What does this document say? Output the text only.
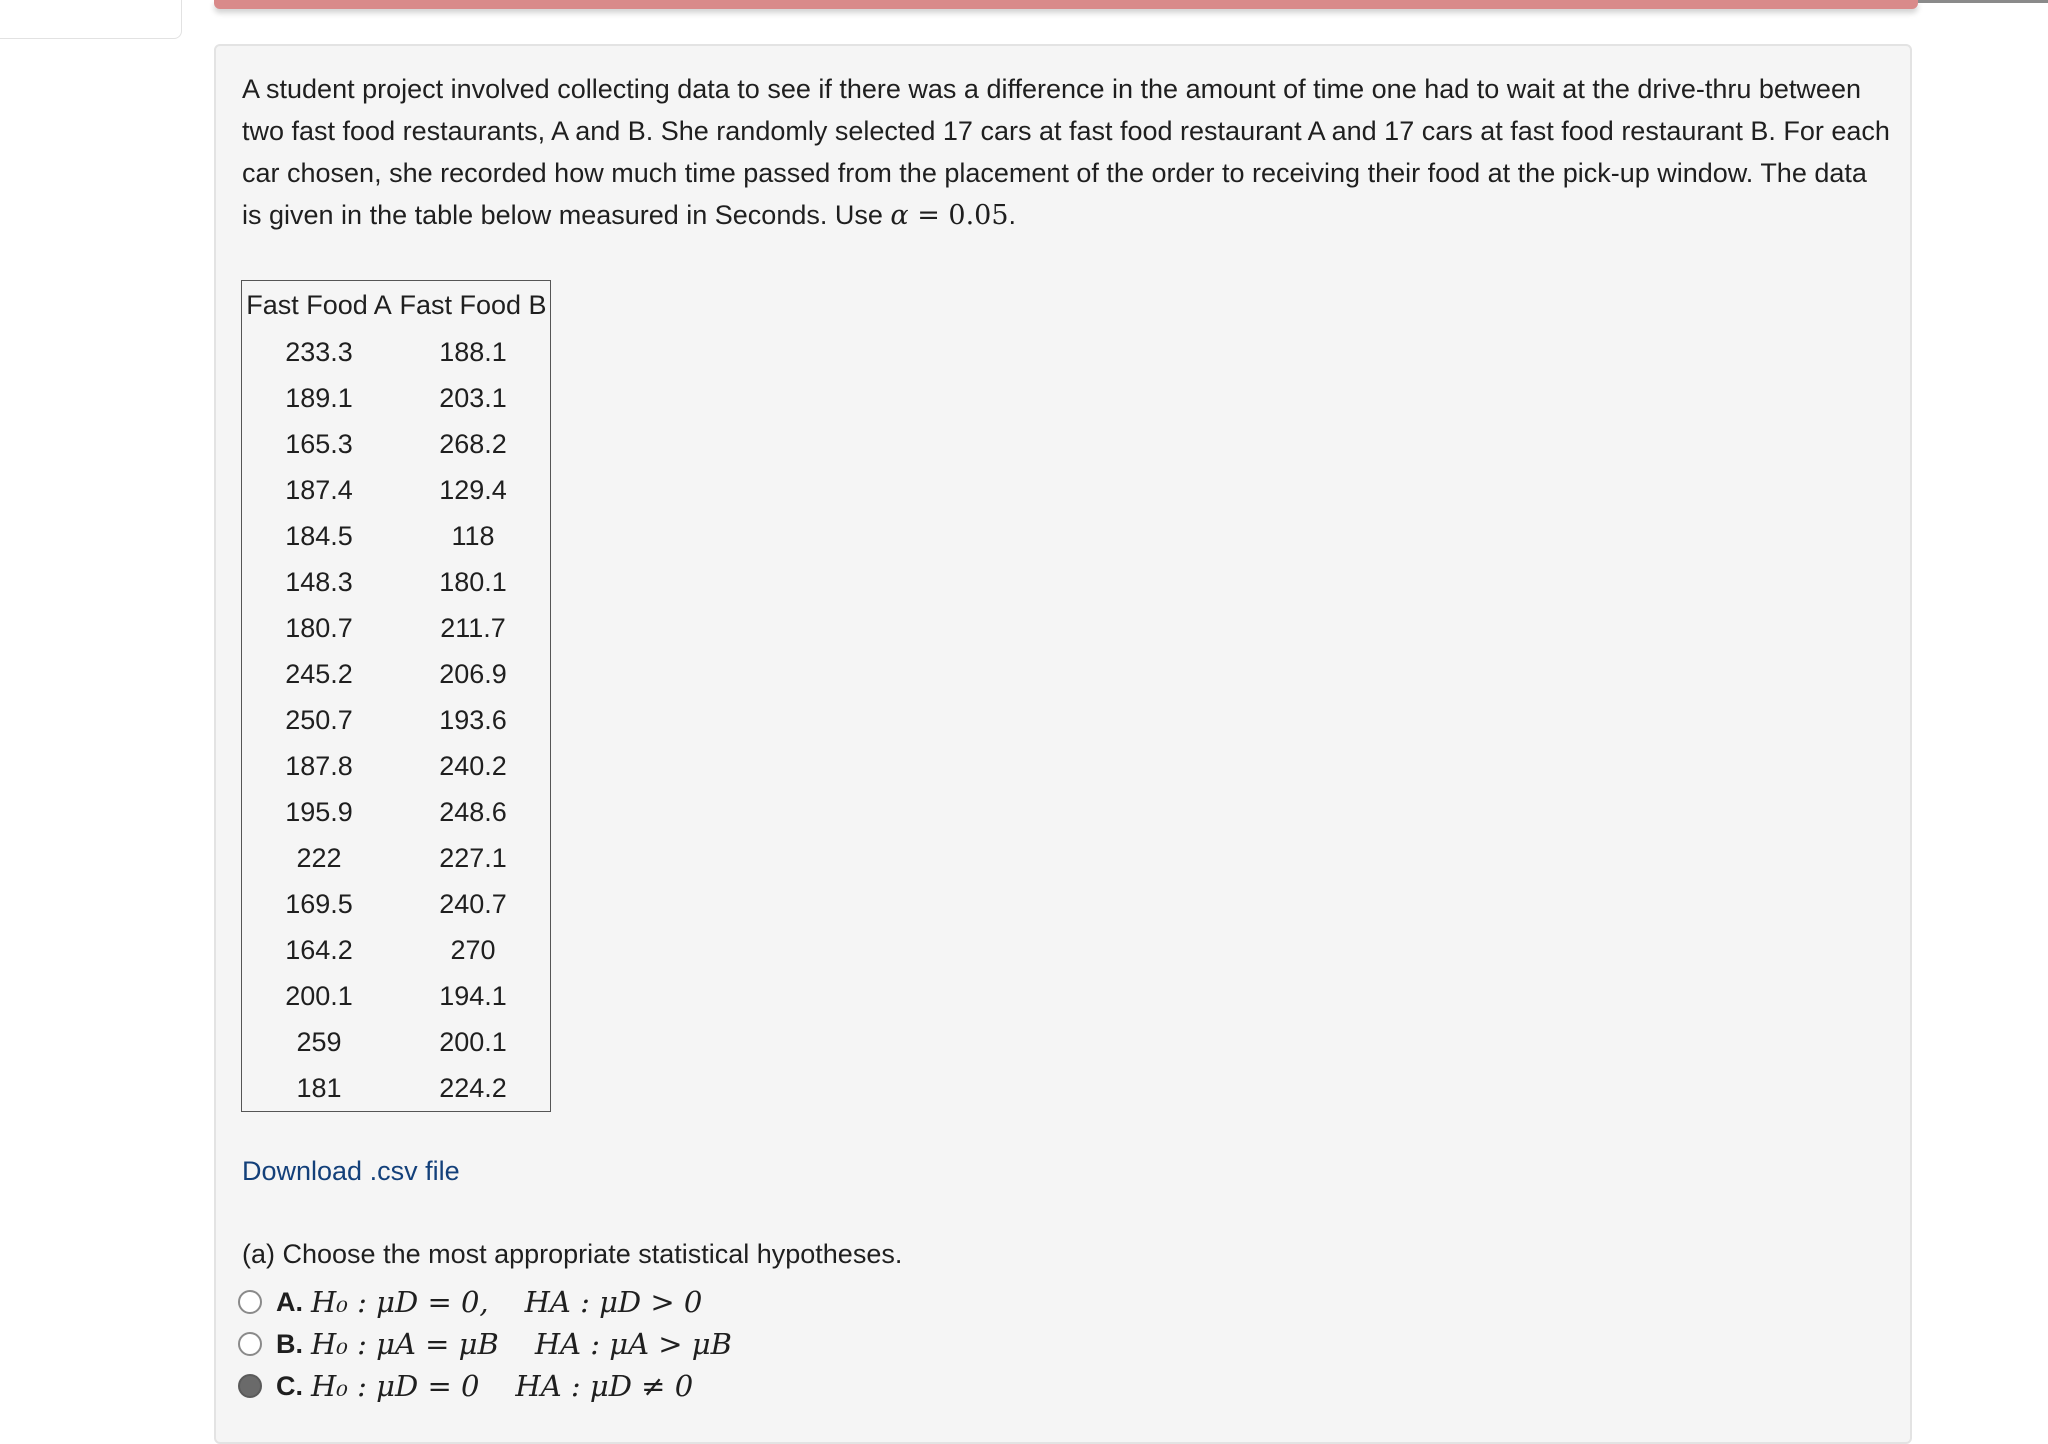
A student project involved collecting data to see if there was a difference in the amount of time one had to wait at the drive-thru between two fast food restaurants, A and B. She randomly selected 17 cars at fast food restaurant A and 17 cars at fast food restaurant B. For each car chosen, she recorded how much time passed from the placement of the order to receiving their food at the pick-up window. The data is given in the table below measured in Seconds. Use α = 0.05.
Fast Food A	Fast Food B
233.3	188.1
189.1	203.1
165.3	268.2
187.4	129.4
184.5	118
148.3	180.1
180.7	211.7
245.2	206.9
250.7	193.6
187.8	240.2
195.9	248.6
222	227.1
169.5	240.7
164.2	270
200.1	194.1
259	200.1
181	224.2
Download .csv file
(a) Choose the most appropriate statistical hypotheses.
A. H₀ : μD = 0, HA : μD > 0
B. H₀ : μA = μB HA : μA > μB
C. H₀ : μD = 0 HA : μD ≠ 0
